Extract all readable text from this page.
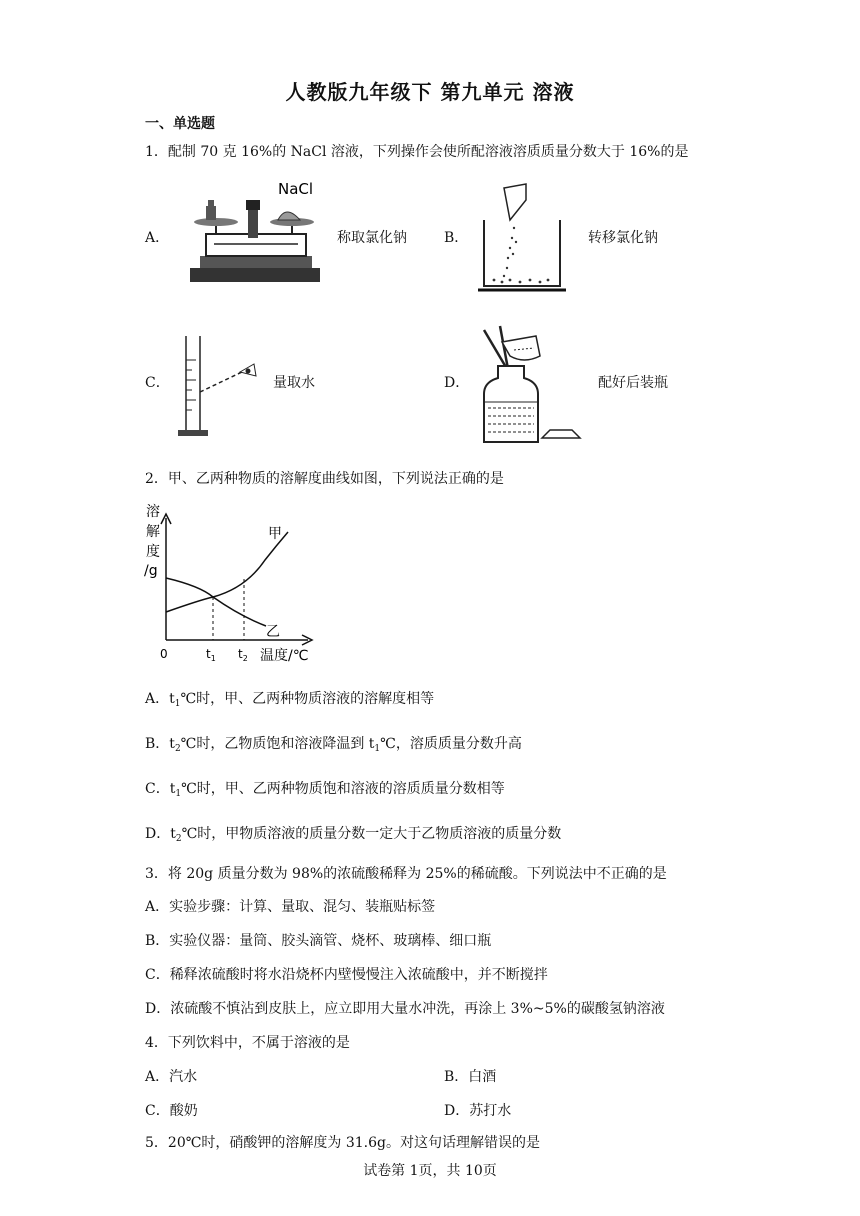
人教版九年级下 第九单元 溶液
一、单选题
1．配制 70 克 16%的 NaCl 溶液，下列操作会使所配溶液溶质质量分数大于 16%的是
A．
NaCl
称取氯化钠	B．	转移氯化钠
C．	量取水	D．	配好后装瓶
2．甲、乙两种物质的溶解度曲线如图，下列说法正确的是
溶
解
度
/g
甲
乙
0	$t_1$ $t_2$ 温度/℃
A．$t_1℃$时，甲、乙两种物质溶液的溶解度相等
B．$t_2℃$时，乙物质饱和溶液降温到 $t_1℃$，溶质质量分数升高
C．$t_1℃$时，甲、乙两种物质饱和溶液的溶质质量分数相等
D．$t_2℃$时，甲物质溶液的质量分数一定大于乙物质溶液的质量分数
3．将 20g 质量分数为 98%的浓硫酸稀释为 25%的稀硫酸。下列说法中不正确的是
A．实验步骤：计算、量取、混匀、装瓶贴标签
B．实验仪器：量筒、胶头滴管、烧杯、玻璃棒、细口瓶
C．稀释浓硫酸时将水沿烧杯内壁慢慢注入浓硫酸中，并不断搅拌
D．浓硫酸不慎沾到皮肤上，应立即用大量水冲洗，再涂上 3%~5%的碳酸氢钠溶液
4．下列饮料中，不属于溶液的是
A．汽水	B．白酒
C．酸奶	D．苏打水
5．20℃时，硝酸钾的溶解度为 31.6g。对这句话理解错误的是
试卷第 1页，共 10页
